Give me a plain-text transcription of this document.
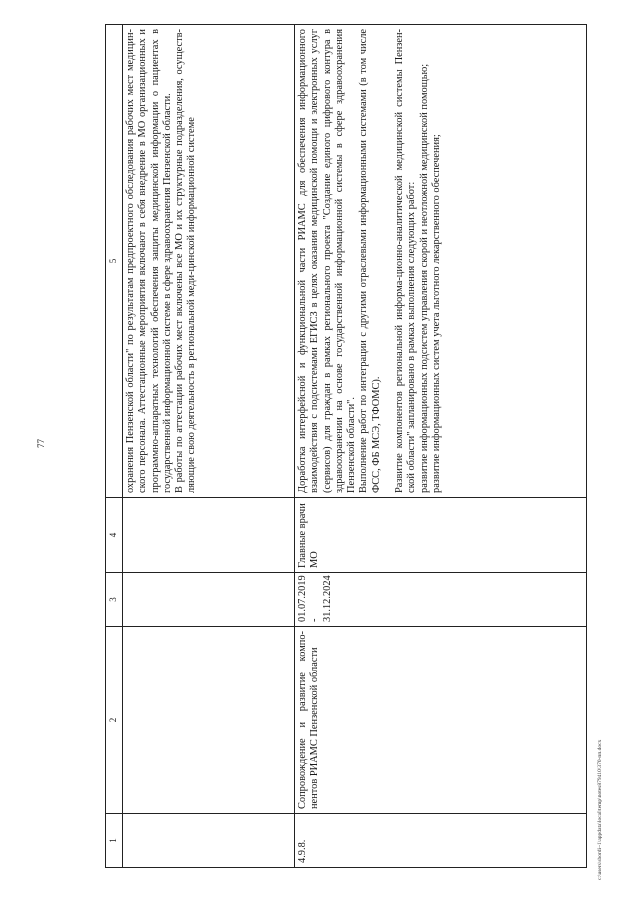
77
c:\users\sbordi~1\appdata\local\temp\notes879410\370-пп.docx
1	2	3	4	5

				охранения Пензенской области" по результатам предпроектного обследования рабочих мест медицин-ского персонала. Аттестационные мероприятия включают в себя внедрение в МО организационных и программно-аппаратных технологий обеспечения защиты медицинской информации о пациентах в государственной информационной системе в сфере здравоохранения Пензенской области. В работы по аттестации рабочих мест включены все МО и их структурные подразделения, осуществ-ляющие свою деятельность в региональной меди-цинской информационной системе

4.9.8.	Сопровождение и развитие компо-нентов РИАМС Пензенской области	01.07.2019 - 31.12.2024	Главные врачи МО	Доработка интерфейсной и функциональной части РИАМС для обеспечения информационного взаимодействия с подсистемами ЕГИСЗ в целях оказания медицинской помощи и электронных услуг (сервисов) для граждан в рамках регионального проекта "Создание единого цифрового контура в здравоохранении на основе государственной информационной системы в сфере здравоохранения Пензенской области". Выполнение работ по интеграции с другими отраслевыми информационными системами (в том числе ФСС, ФБ МСЭ, ТФОМС). Развитие компонентов региональной информа-ционно-аналитической медицинской системы Пензен-ской области" запланировано в рамках выполнения следующих работ: развитие информационных подсистем управления скорой и неотложной медицинской помощью; развитие информационных систем учета льготного лекарственного обеспечения;
